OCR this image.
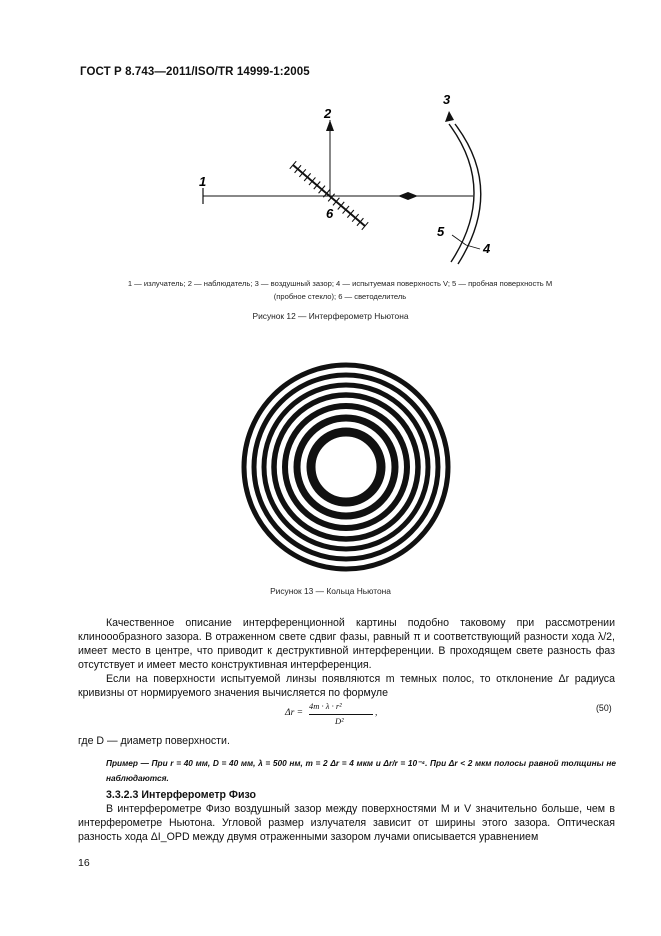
ГОСТ Р 8.743—2011/ISO/TR 14999-1:2005
1
2
3
4
5
6
1 — излучатель; 2 — наблюдатель; 3 — воздушный зазор; 4 — испытуемая поверхность V; 5 — пробная поверхность M
(пробное стекло); 6 — светоделитель
Рисунок 12 — Интерферометр Ньютона
Рисунок 13 — Кольца Ньютона
Качественное описание интерференционной картины подобно таковому при рассмотрении клиноообразного зазора. В отраженном свете сдвиг фазы, равный π и соответствующий разности хода λ/2, имеет место в центре, что приводит к деструктивной интерференции. В проходящем свете разность фаз отсутствует и имеет место конструктивная интерференция.
Если на поверхности испытуемой линзы появляются m темных полос, то отклонение Δr радиуса кривизны от нормируемого значения вычисляется по формуле
Δr =
4m · λ · r²
D²
,	(50)
где D — диаметр поверхности.
Пример — При r = 40 мм, D = 40 мм, λ = 500 нм, m = 2 Δr = 4 мкм и Δr/r = 10⁻⁴. При Δr < 2 мкм полосы равной толщины не наблюдаются.
3.3.2.3 Интерферометр Физо
В интерферометре Физо воздушный зазор между поверхностями M и V значительно больше, чем в интерферометре Ньютона. Угловой размер излучателя зависит от ширины этого зазора. Оптическая разность хода ΔI_OPD между двумя отраженными зазором лучами описывается уравнением
16
